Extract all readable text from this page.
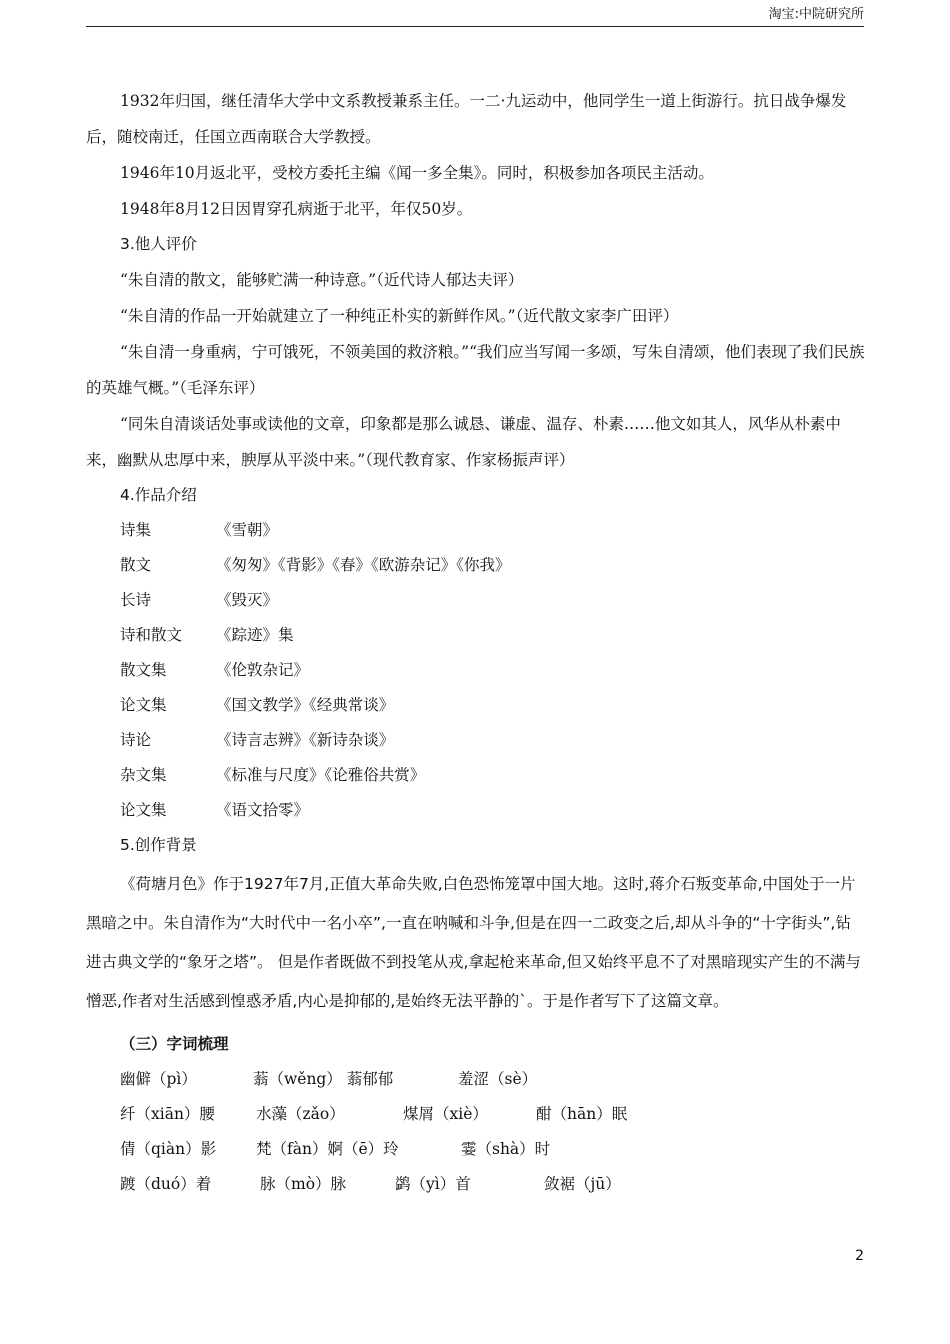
淘宝:中院研究所

1932年归国，继任清华大学中文系教授兼系主任。一二·九运动中，他同学生一道上街游行。抗日战争爆发后，随校南迁，任国立西南联合大学教授。

1946年10月返北平，受校方委托主编《闻一多全集》。同时，积极参加各项民主活动。

1948年8月12日因胃穿孔病逝于北平，年仅50岁。

3.他人评价

“朱自清的散文，能够贮满一种诗意。”（近代诗人郁达夫评）

“朱自清的作品一开始就建立了一种纯正朴实的新鲜作风。”（近代散文家李广田评）

“朱自清一身重病，宁可饿死，不领美国的救济粮。”“我们应当写闻一多颂，写朱自清颂，他们表现了我们民族的英雄气概。”（毛泽东评）

“同朱自清谈话处事或读他的文章，印象都是那么诚恳、谦虚、温存、朴素……他文如其人，风华从朴素中来，幽默从忠厚中来，腴厚从平淡中来。”（现代教育家、作家杨振声评）

4.作品介绍
诗集	《雪朝》
散文	《匆匆》《背影》《春》《欧游杂记》《你我》
长诗	《毁灭》
诗和散文 《踪迹》集
散文集	《伦敦杂记》
论文集	《国文教学》《经典常谈》
诗论	《诗言志辨》《新诗杂谈》
杂文集	《标准与尺度》《论雅俗共赏》
论文集	《语文拾零》
5.创作背景

《荷塘月色》作于1927年7月,正值大革命失败,白色恐怖笼罩中国大地。这时,蒋介石叛变革命,中国处于一片黑暗之中。朱自清作为“大时代中一名小卒”,一直在呐喊和斗争,但是在四一二政变之后,却从斗争的“十字街头”,钻进古典文学的“象牙之塔”。 但是作者既做不到投笔从戎,拿起枪来革命,但又始终平息不了对黑暗现实产生的不满与憎恶,作者对生活感到惶惑矛盾,内心是抑郁的,是始终无法平静的`。于是作者写下了这篇文章。

（三）字词梳理
幽僻（pì）	蓊（wěng） 蓊郁郁	羞涩（sè）
纤（xiān）腰	水藻（zǎo）	煤屑（xiè）	酣（hān）眠
倩（qiàn）影	梵（fàn）婀（ē）玲	霎（shà）时
踱（duó）着	脉（mò）脉	鹢（yì）首	敛裾（jū）
2
